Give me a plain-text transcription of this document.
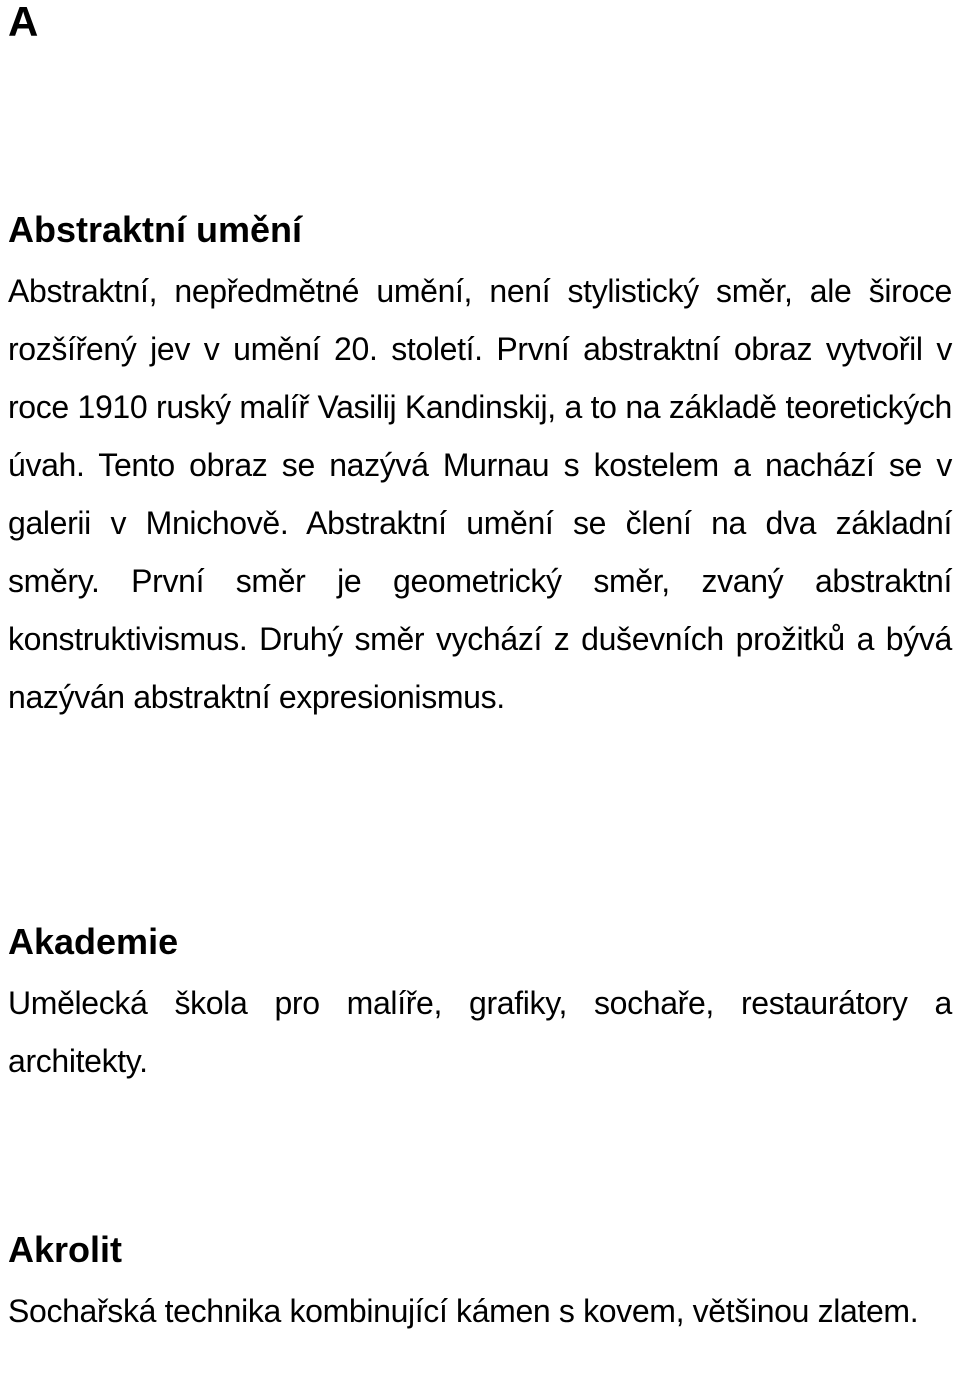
A
Abstraktní umění

Abstraktní, nepředmětné umění, není stylistický směr, ale široce rozšířený jev v umění 20. století. První abstraktní obraz vytvořil v roce 1910 ruský malíř Vasilij Kandinskij, a to na základě teoretických úvah. Tento obraz se nazývá Murnau s kostelem a nachází se v galerii v Mnichově. Abstraktní umění se člení na dva základní směry. První směr je geometrický směr, zvaný abstraktní konstruktivismus. Druhý směr vychází z duševních prožitků a bývá nazýván abstraktní expresionismus.

Akademie

Umělecká škola pro malíře, grafiky, sochaře, restaurátory a architekty.

Akrolit

Sochařská technika kombinující kámen s kovem, většinou zlatem.
